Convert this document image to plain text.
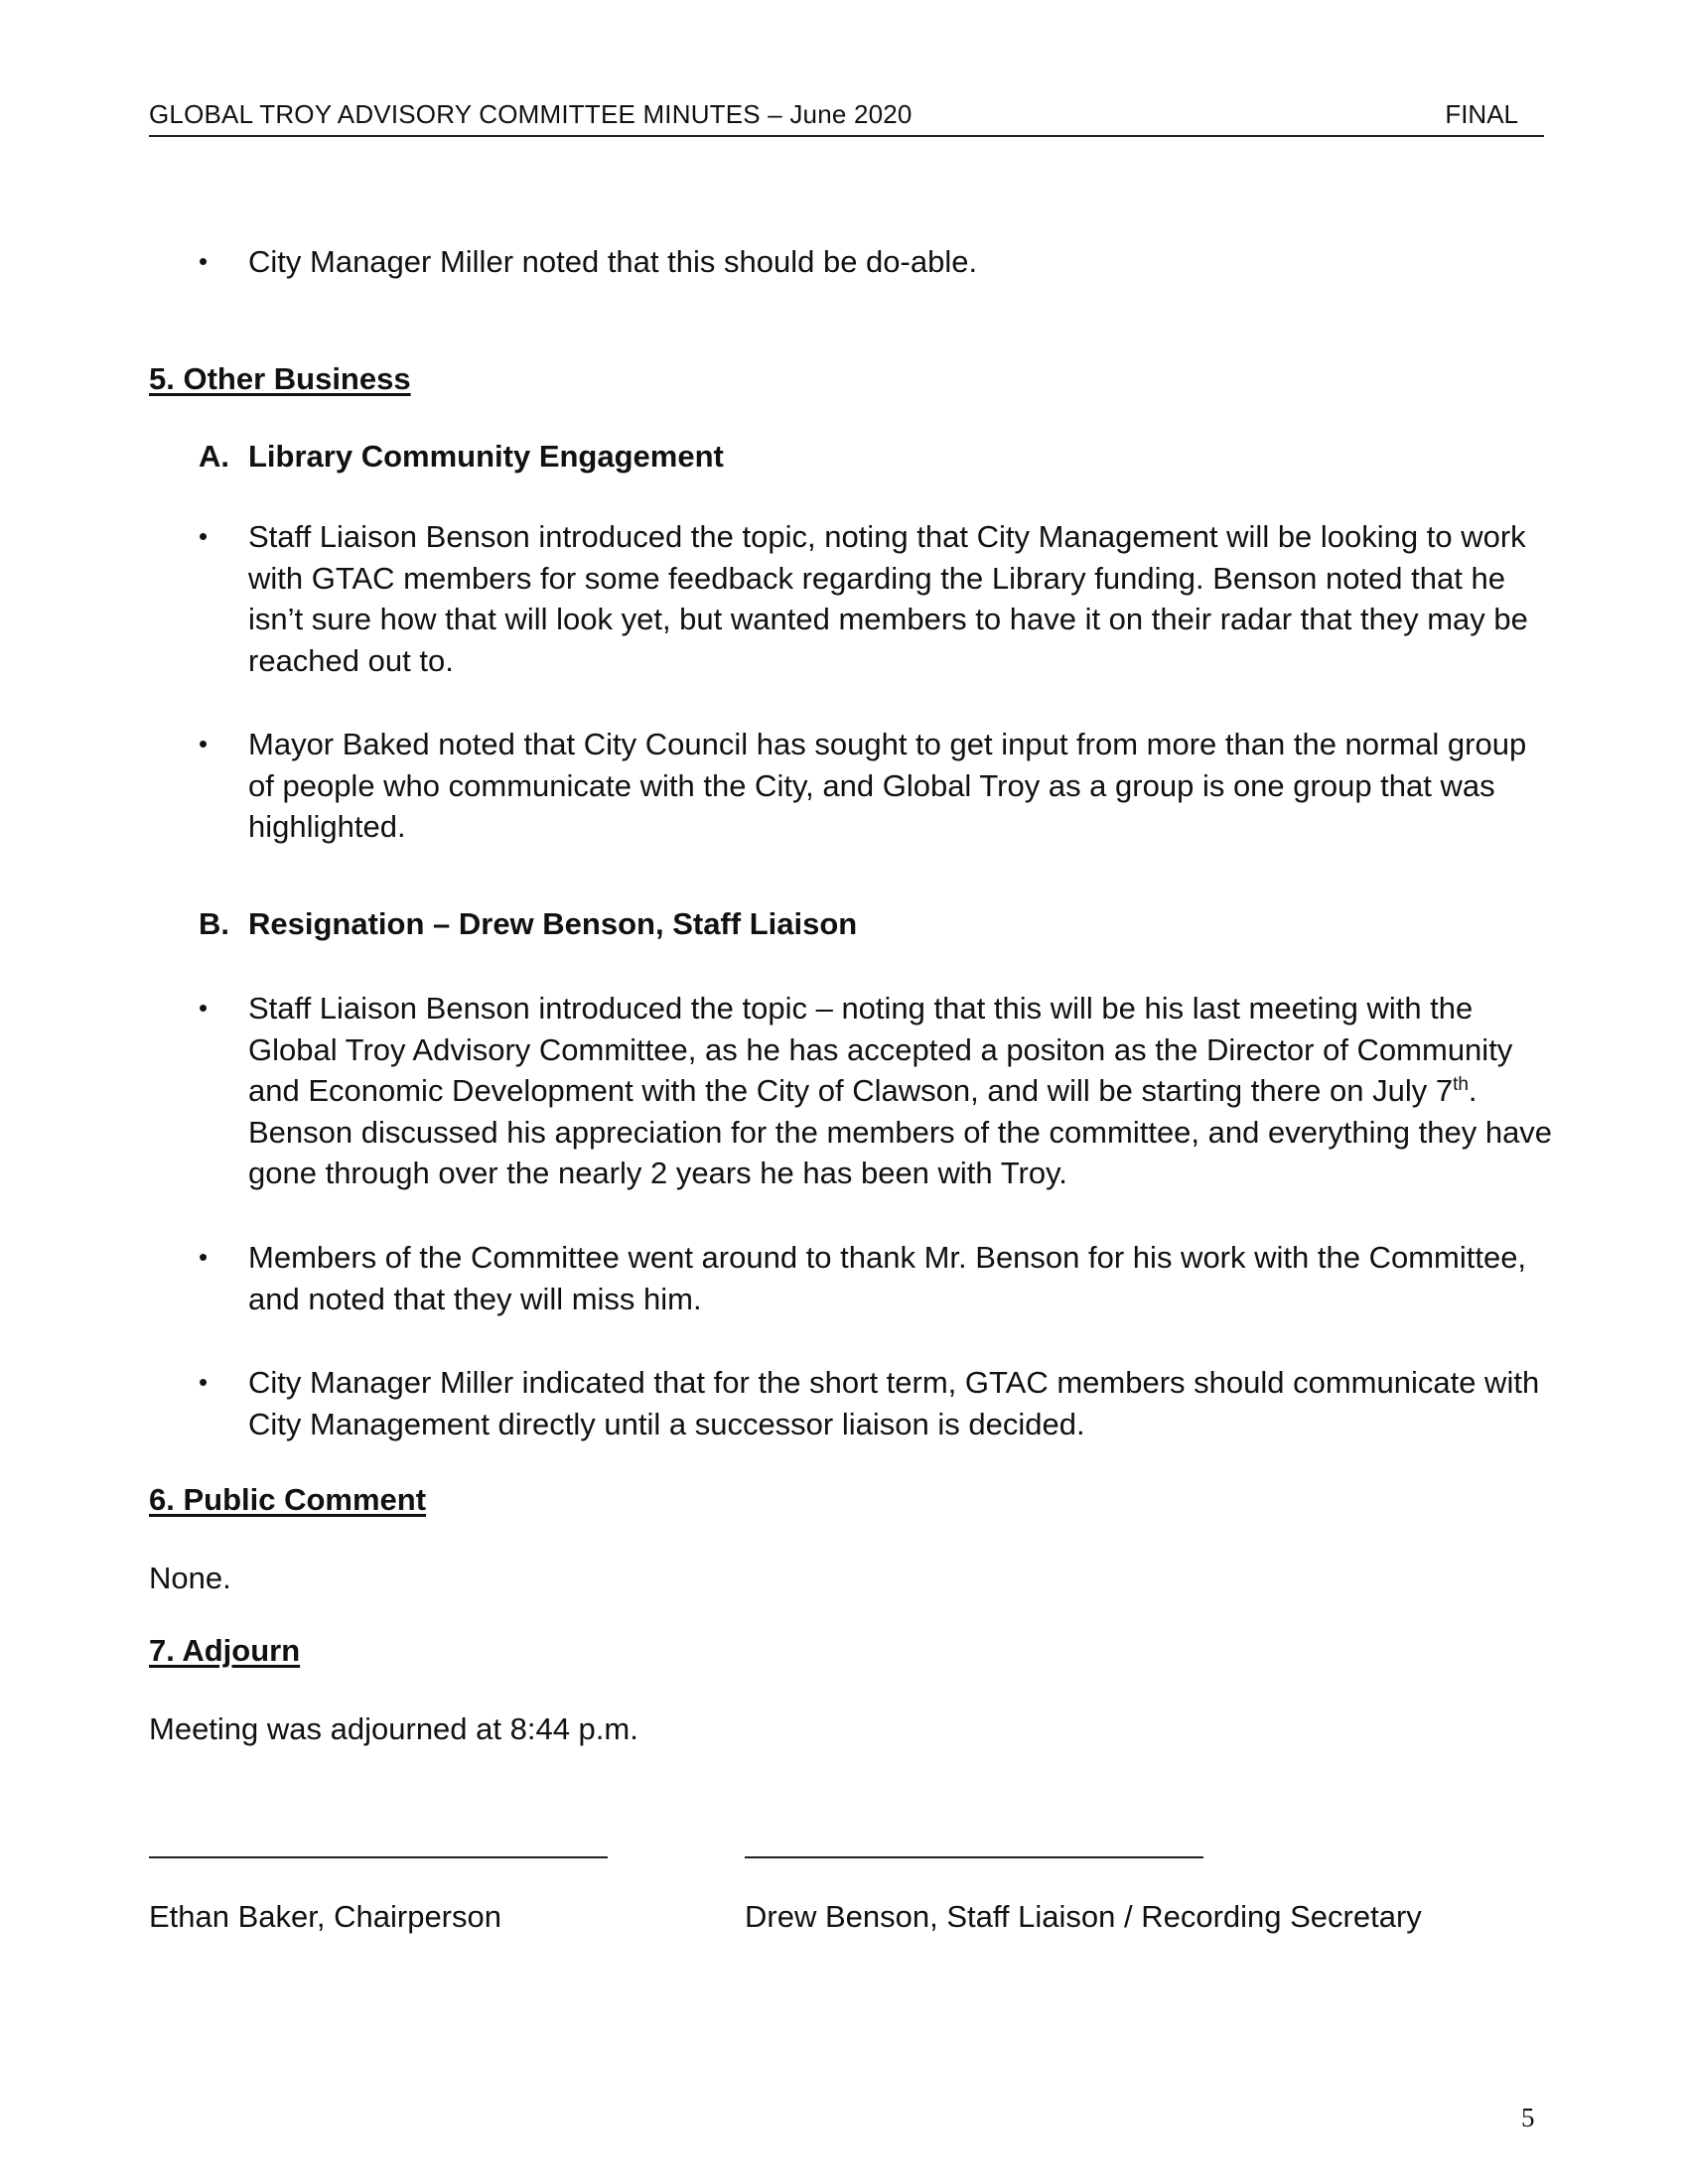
GLOBAL TROY ADVISORY COMMITTEE MINUTES – June 2020	FINAL
• City Manager Miller noted that this should be do-able.
5. Other Business
A. Library Community Engagement
• Staff Liaison Benson introduced the topic, noting that City Management will be looking to work with GTAC members for some feedback regarding the Library funding. Benson noted that he isn’t sure how that will look yet, but wanted members to have it on their radar that they may be reached out to.
• Mayor Baked noted that City Council has sought to get input from more than the normal group of people who communicate with the City, and Global Troy as a group is one group that was highlighted.
B. Resignation – Drew Benson, Staff Liaison
• Staff Liaison Benson introduced the topic – noting that this will be his last meeting with the Global Troy Advisory Committee, as he has accepted a positon as the Director of Community and Economic Development with the City of Clawson, and will be starting there on July 7th. Benson discussed his appreciation for the members of the committee, and everything they have gone through over the nearly 2 years he has been with Troy.
• Members of the Committee went around to thank Mr. Benson for his work with the Committee, and noted that they will miss him.
• City Manager Miller indicated that for the short term, GTAC members should communicate with City Management directly until a successor liaison is decided.
6. Public Comment
None.
7. Adjourn
Meeting was adjourned at 8:44 p.m.
Ethan Baker, Chairperson	Drew Benson, Staff Liaison / Recording Secretary
5
